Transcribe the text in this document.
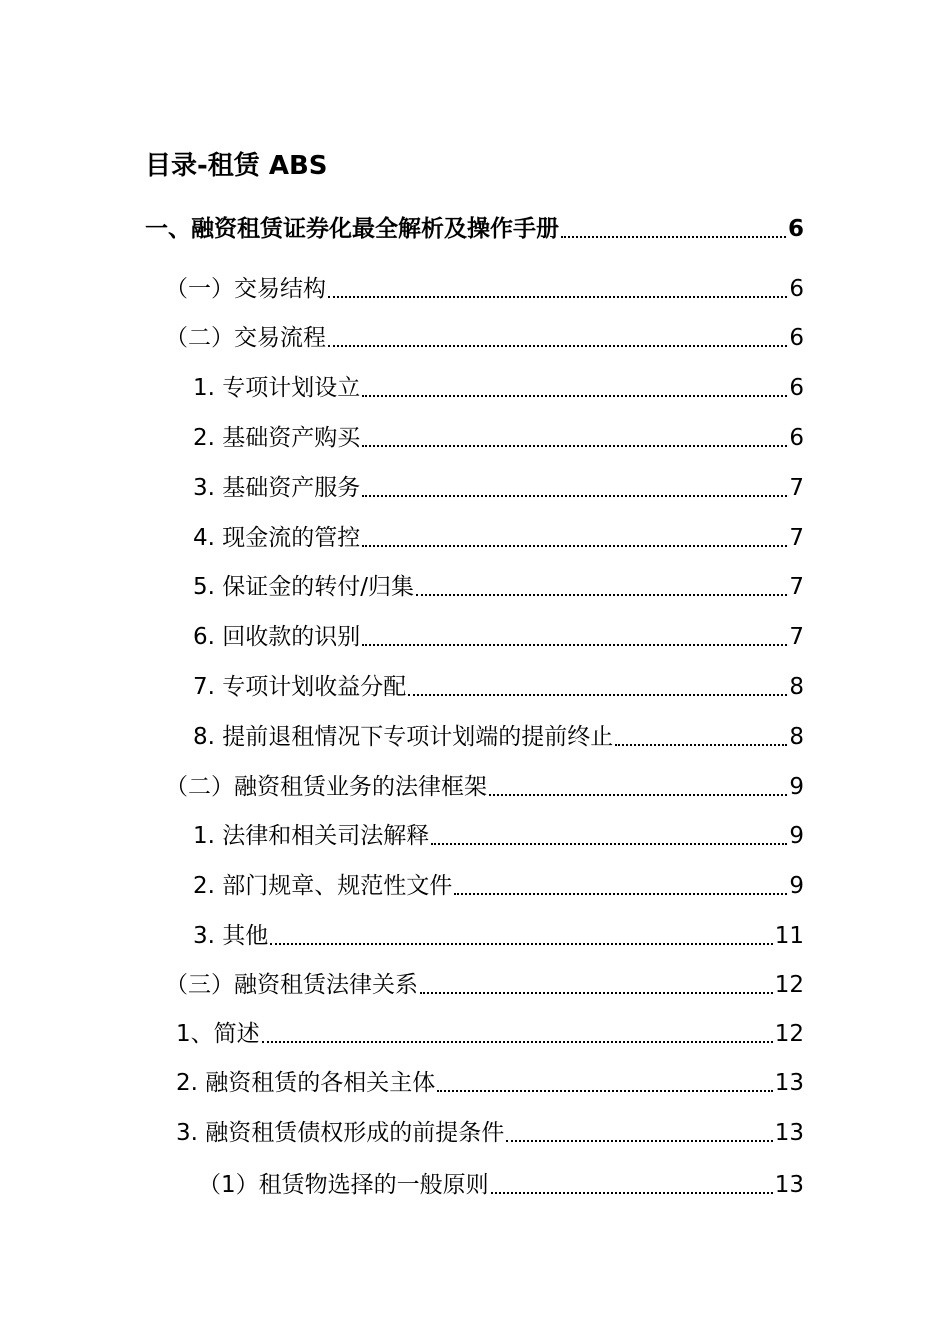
目录-租赁 ABS
一、融资租赁证券化最全解析及操作手册	6
（一）交易结构	6
（二）交易流程	6
1. 专项计划设立	6
2. 基础资产购买	6
3. 基础资产服务	7
4. 现金流的管控	7
5. 保证金的转付/归集	7
6. 回收款的识别	7
7. 专项计划收益分配	8
8. 提前退租情况下专项计划端的提前终止	8
（二）融资租赁业务的法律框架	9
1. 法律和相关司法解释	9
2. 部门规章、规范性文件	9
3. 其他	11
（三）融资租赁法律关系	12
1、简述	12
2. 融资租赁的各相关主体	13
3. 融资租赁债权形成的前提条件	13
（1）租赁物选择的一般原则	13
